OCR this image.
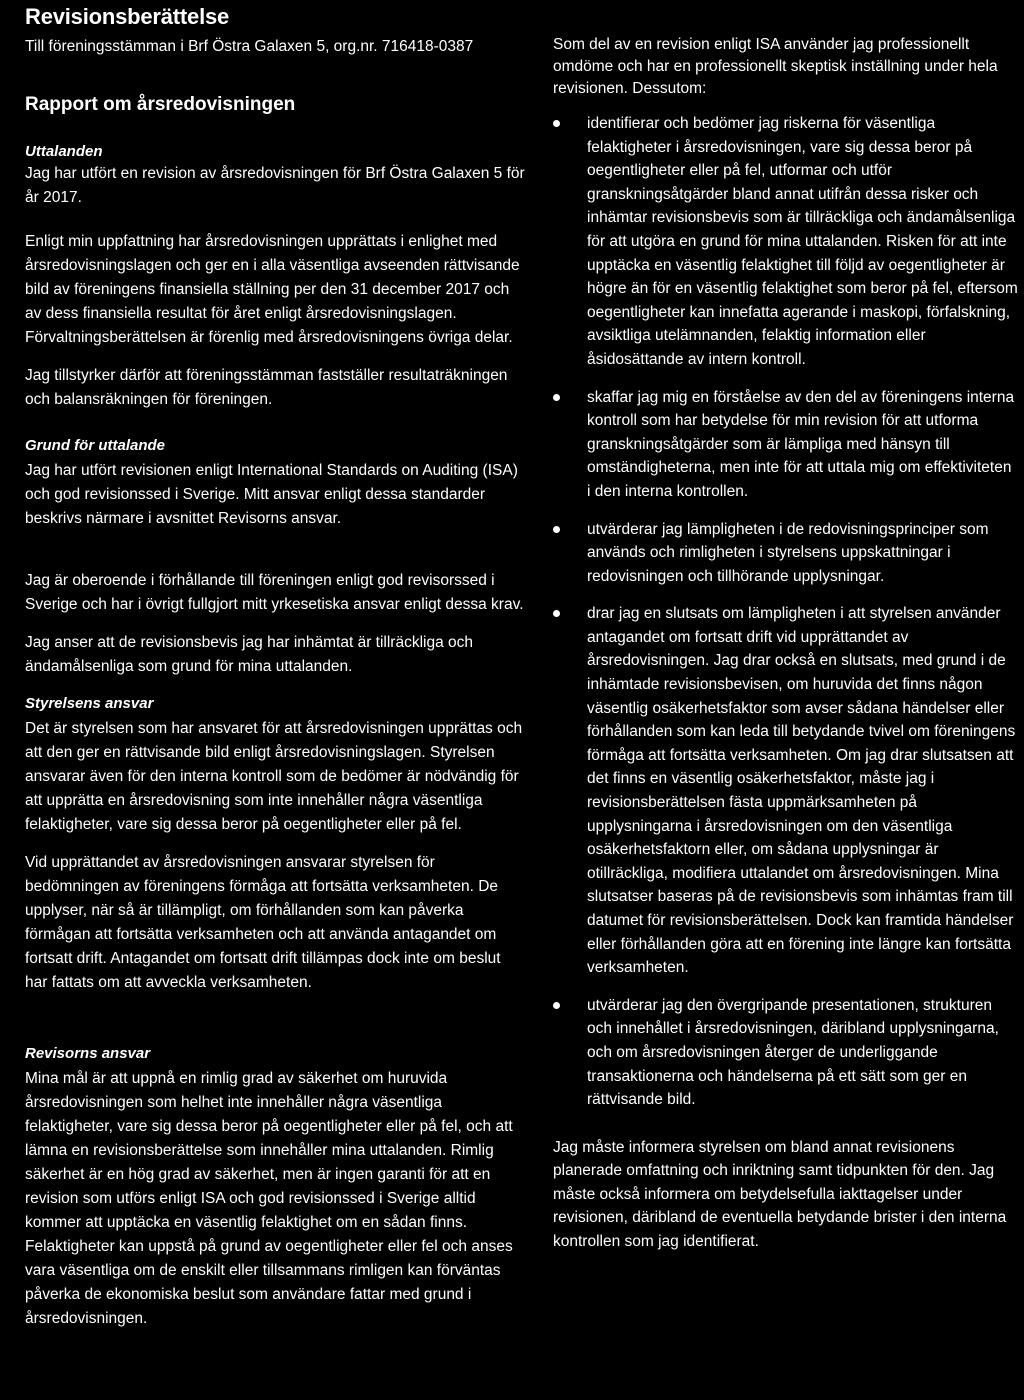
Revisionsberättelse
Till föreningsstämman i Brf Östra Galaxen 5, org.nr. 716418-0387
Rapport om årsredovisningen
Uttalanden

Jag har utfört en revision av årsredovisningen för Brf Östra Galaxen 5 för år 2017.

Enligt min uppfattning har årsredovisningen upprättats i enlighet med årsredovisningslagen och ger en i alla väsentliga avseenden rättvisande bild av föreningens finansiella ställning per den 31 december 2017 och av dess finansiella resultat för året enligt årsredovisningslagen. Förvaltningsberättelsen är förenlig med årsredovisningens övriga delar.

Jag tillstyrker därför att föreningsstämman fastställer resultaträkningen och balansräkningen för föreningen.

Grund för uttalande

Jag har utfört revisionen enligt International Standards on Auditing (ISA) och god revisionssed i Sverige. Mitt ansvar enligt dessa standarder beskrivs närmare i avsnittet Revisorns ansvar.

Jag är oberoende i förhållande till föreningen enligt god revisorssed i Sverige och har i övrigt fullgjort mitt yrkesetiska ansvar enligt dessa krav.

Jag anser att de revisionsbevis jag har inhämtat är tillräckliga och ändamålsenliga som grund för mina uttalanden.

Styrelsens ansvar

Det är styrelsen som har ansvaret för att årsredovisningen upprättas och att den ger en rättvisande bild enligt årsredovisningslagen. Styrelsen ansvarar även för den interna kontroll som de bedömer är nödvändig för att upprätta en årsredovisning som inte innehåller några väsentliga felaktigheter, vare sig dessa beror på oegentligheter eller på fel.

Vid upprättandet av årsredovisningen ansvarar styrelsen för bedömningen av föreningens förmåga att fortsätta verksamheten. De upplyser, när så är tillämpligt, om förhållanden som kan påverka förmågan att fortsätta verksamheten och att använda antagandet om fortsatt drift. Antagandet om fortsatt drift tillämpas dock inte om beslut har fattats om att avveckla verksamheten.

Revisorns ansvar

Mina mål är att uppnå en rimlig grad av säkerhet om huruvida årsredovisningen som helhet inte innehåller några väsentliga felaktigheter, vare sig dessa beror på oegentligheter eller på fel, och att lämna en revisionsberättelse som innehåller mina uttalanden. Rimlig säkerhet är en hög grad av säkerhet, men är ingen garanti för att en revision som utförs enligt ISA och god revisionssed i Sverige alltid kommer att upptäcka en väsentlig felaktighet om en sådan finns. Felaktigheter kan uppstå på grund av oegentligheter eller fel och anses vara väsentliga om de enskilt eller tillsammans rimligen kan förväntas påverka de ekonomiska beslut som användare fattar med grund i årsredovisningen.

Som del av en revision enligt ISA använder jag professionellt omdöme och har en professionellt skeptisk inställning under hela revisionen. Dessutom:

identifierar och bedömer jag riskerna för väsentliga felaktigheter i årsredovisningen, vare sig dessa beror på oegentligheter eller på fel, utformar och utför granskningsåtgärder bland annat utifrån dessa risker och inhämtar revisionsbevis som är tillräckliga och ändamålsenliga för att utgöra en grund för mina uttalanden. Risken för att inte upptäcka en väsentlig felaktighet till följd av oegentligheter är högre än för en väsentlig felaktighet som beror på fel, eftersom oegentligheter kan innefatta agerande i maskopi, förfalskning, avsiktliga utelämnanden, felaktig information eller åsidosättande av intern kontroll.
skaffar jag mig en förståelse av den del av föreningens interna kontroll som har betydelse för min revision för att utforma granskningsåtgärder som är lämpliga med hänsyn till omständigheterna, men inte för att uttala mig om effektiviteten i den interna kontrollen.
utvärderar jag lämpligheten i de redovisningsprinciper som används och rimligheten i styrelsens uppskattningar i redovisningen och tillhörande upplysningar.
drar jag en slutsats om lämpligheten i att styrelsen använder antagandet om fortsatt drift vid upprättandet av årsredovisningen. Jag drar också en slutsats, med grund i de inhämtade revisionsbevisen, om huruvida det finns någon väsentlig osäkerhetsfaktor som avser sådana händelser eller förhållanden som kan leda till betydande tvivel om föreningens förmåga att fortsätta verksamheten. Om jag drar slutsatsen att det finns en väsentlig osäkerhetsfaktor, måste jag i revisionsberättelsen fästa uppmärksamheten på upplysningarna i årsredovisningen om den väsentliga osäkerhetsfaktorn eller, om sådana upplysningar är otillräckliga, modifiera uttalandet om årsredovisningen. Mina slutsatser baseras på de revisionsbevis som inhämtas fram till datumet för revisionsberättelsen. Dock kan framtida händelser eller förhållanden göra att en förening inte längre kan fortsätta verksamheten.
utvärderar jag den övergripande presentationen, strukturen och innehållet i årsredovisningen, däribland upplysningarna, och om årsredovisningen återger de underliggande transaktionerna och händelserna på ett sätt som ger en rättvisande bild.

Jag måste informera styrelsen om bland annat revisionens planerade omfattning och inriktning samt tidpunkten för den. Jag måste också informera om betydelsefulla iakttagelser under revisionen, däribland de eventuella betydande brister i den interna kontrollen som jag identifierat.
